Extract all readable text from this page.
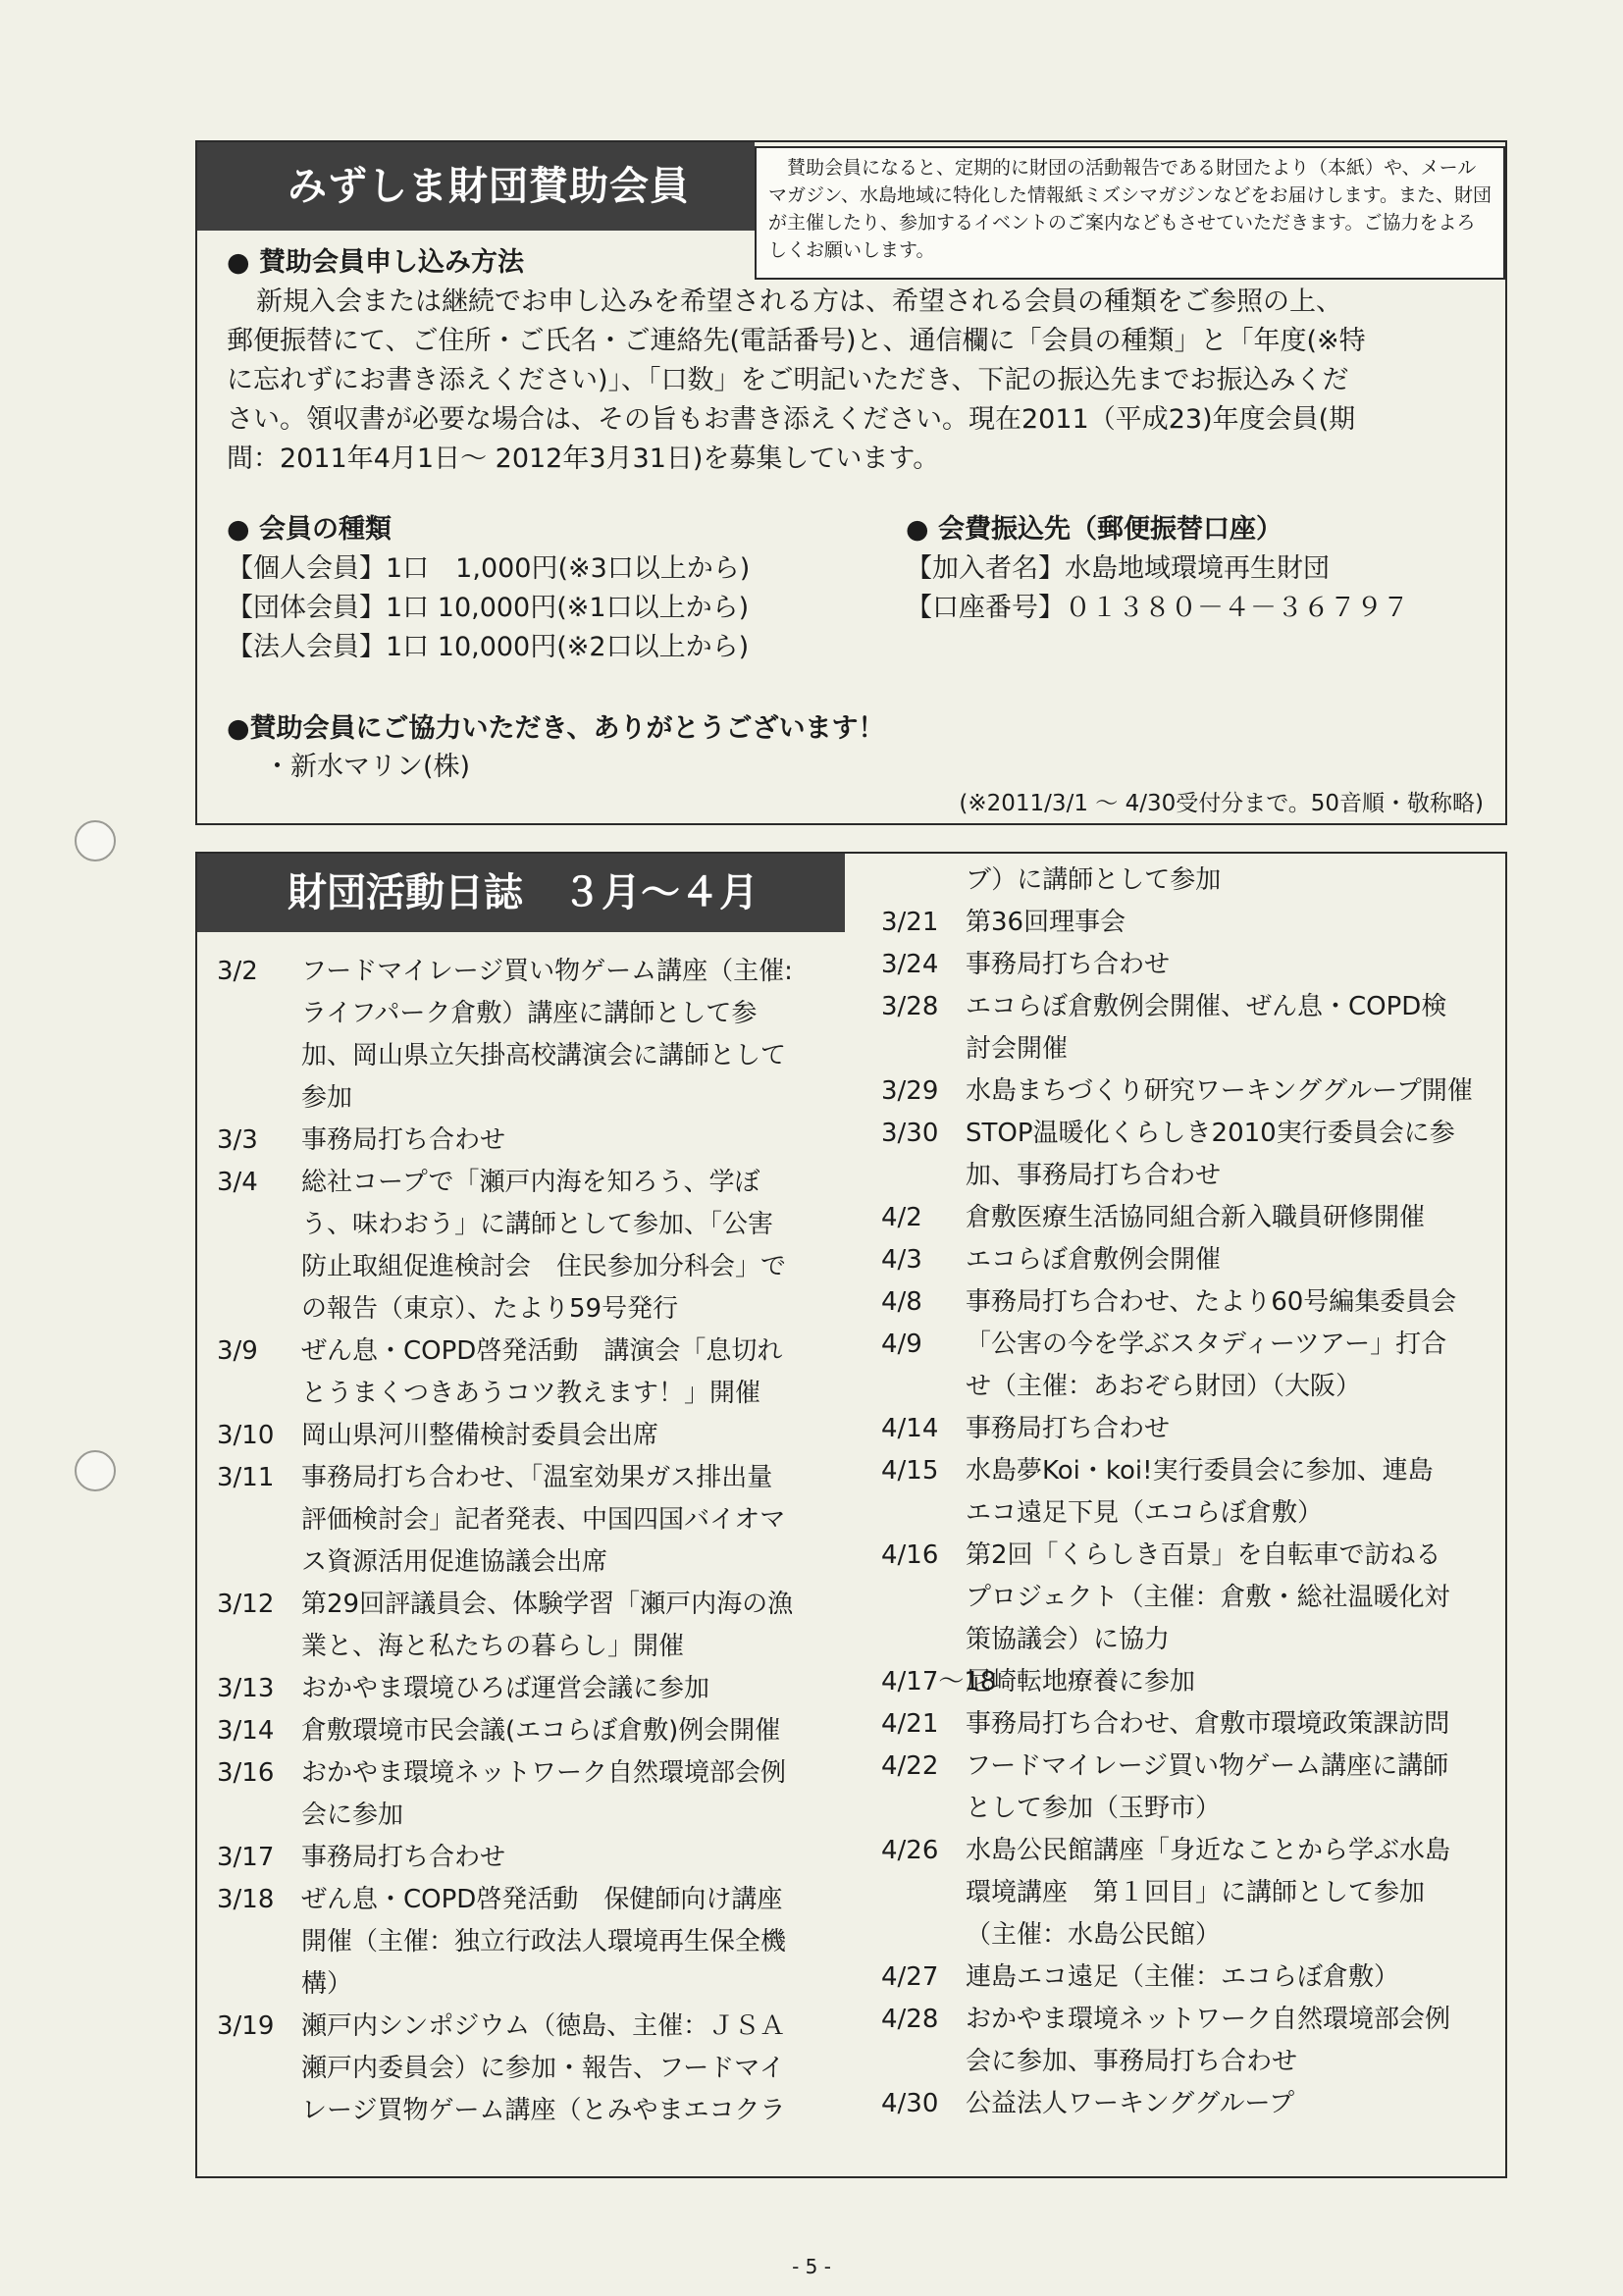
みずしま財団賛助会員	賛助会員になると、定期的に財団の活動報告である財団たより（本紙）や、メールマガジン、水島地域に特化した情報紙ミズシマガジンなどをお届けします。また、財団が主催したり、参加するイベントのご案内などもさせていただきます。ご協力をよろしくお願いします。
● 賛助会員申し込み方法
新規入会または継続でお申し込みを希望される方は、希望される会員の種類をご参照の上、
郵便振替にて、ご住所・ご氏名・ご連絡先(電話番号)と、通信欄に「会員の種類」と「年度(※特
に忘れずにお書き添えください)」、「口数」をご明記いただき、下記の振込先までお振込みくだ
さい。領収書が必要な場合は、その旨もお書き添えください。現在2011（平成23)年度会員(期
間：2011年4月1日～ 2012年3月31日)を募集しています。
● 会員の種類
【個人会員】1口　1,000円(※3口以上から)
【団体会員】1口 10,000円(※1口以上から)
【法人会員】1口 10,000円(※2口以上から)
● 会費振込先（郵便振替口座）
【加入者名】水島地域環境再生財団
【口座番号】０１３８０－４－３６７９７
●賛助会員にご協力いただき、ありがとうございます！
・新水マリン(株)
(※2011/3/1 ～ 4/30受付分まで。50音順・敬称略)
財団活動日誌　３月～４月
3/2 フードマイレージ買い物ゲーム講座（主催:
ライフパーク倉敷）講座に講師として参
加、岡山県立矢掛高校講演会に講師として
参加
3/3 事務局打ち合わせ
3/4 総社コープで「瀬戸内海を知ろう、学ぼ
う、味わおう」に講師として参加、「公害
防止取組促進検討会　住民参加分科会」で
の報告（東京）、たより59号発行
3/9 ぜん息・COPD啓発活動　講演会「息切れ
とうまくつきあうコツ教えます！」開催
3/10 岡山県河川整備検討委員会出席
3/11 事務局打ち合わせ、「温室効果ガス排出量
評価検討会」記者発表、中国四国バイオマ
ス資源活用促進協議会出席
3/12 第29回評議員会、体験学習「瀬戸内海の漁
業と、海と私たちの暮らし」開催
3/13 おかやま環境ひろば運営会議に参加
3/14 倉敷環境市民会議(エコらぼ倉敷)例会開催
3/16 おかやま環境ネットワーク自然環境部会例
会に参加
3/17 事務局打ち合わせ
3/18 ぜん息・COPD啓発活動　保健師向け講座
開催（主催：独立行政法人環境再生保全機
構）
3/19 瀬戸内シンポジウム（徳島、主催：ＪＳＡ
瀬戸内委員会）に参加・報告、フードマイ
レージ買物ゲーム講座（とみやまエコクラ
ブ）に講師として参加
3/21 第36回理事会
3/24 事務局打ち合わせ
3/28 エコらぼ倉敷例会開催、ぜん息・COPD検
討会開催
3/29 水島まちづくり研究ワーキンググループ開催
3/30 STOP温暖化くらしき2010実行委員会に参
加、事務局打ち合わせ
4/2 倉敷医療生活協同組合新入職員研修開催
4/3 エコらぼ倉敷例会開催
4/8 事務局打ち合わせ、たより60号編集委員会
4/9 「公害の今を学ぶスタディーツアー」打合
せ（主催：あおぞら財団）（大阪）
4/14 事務局打ち合わせ
4/15 水島夢Koi・koi!実行委員会に参加、連島
エコ遠足下見（エコらぼ倉敷）
4/16 第2回「くらしき百景」を自転車で訪ねる
プロジェクト（主催：倉敷・総社温暖化対
策協議会）に協力
4/17～18
尼崎転地療養に参加
4/21 事務局打ち合わせ、倉敷市環境政策課訪問
4/22 フードマイレージ買い物ゲーム講座に講師
として参加（玉野市）
4/26 水島公民館講座「身近なことから学ぶ水島
環境講座　第１回目」に講師として参加
（主催：水島公民館）
4/27 連島エコ遠足（主催：エコらぼ倉敷）
4/28 おかやま環境ネットワーク自然環境部会例
会に参加、事務局打ち合わせ
4/30 公益法人ワーキンググループ
- 5 -
